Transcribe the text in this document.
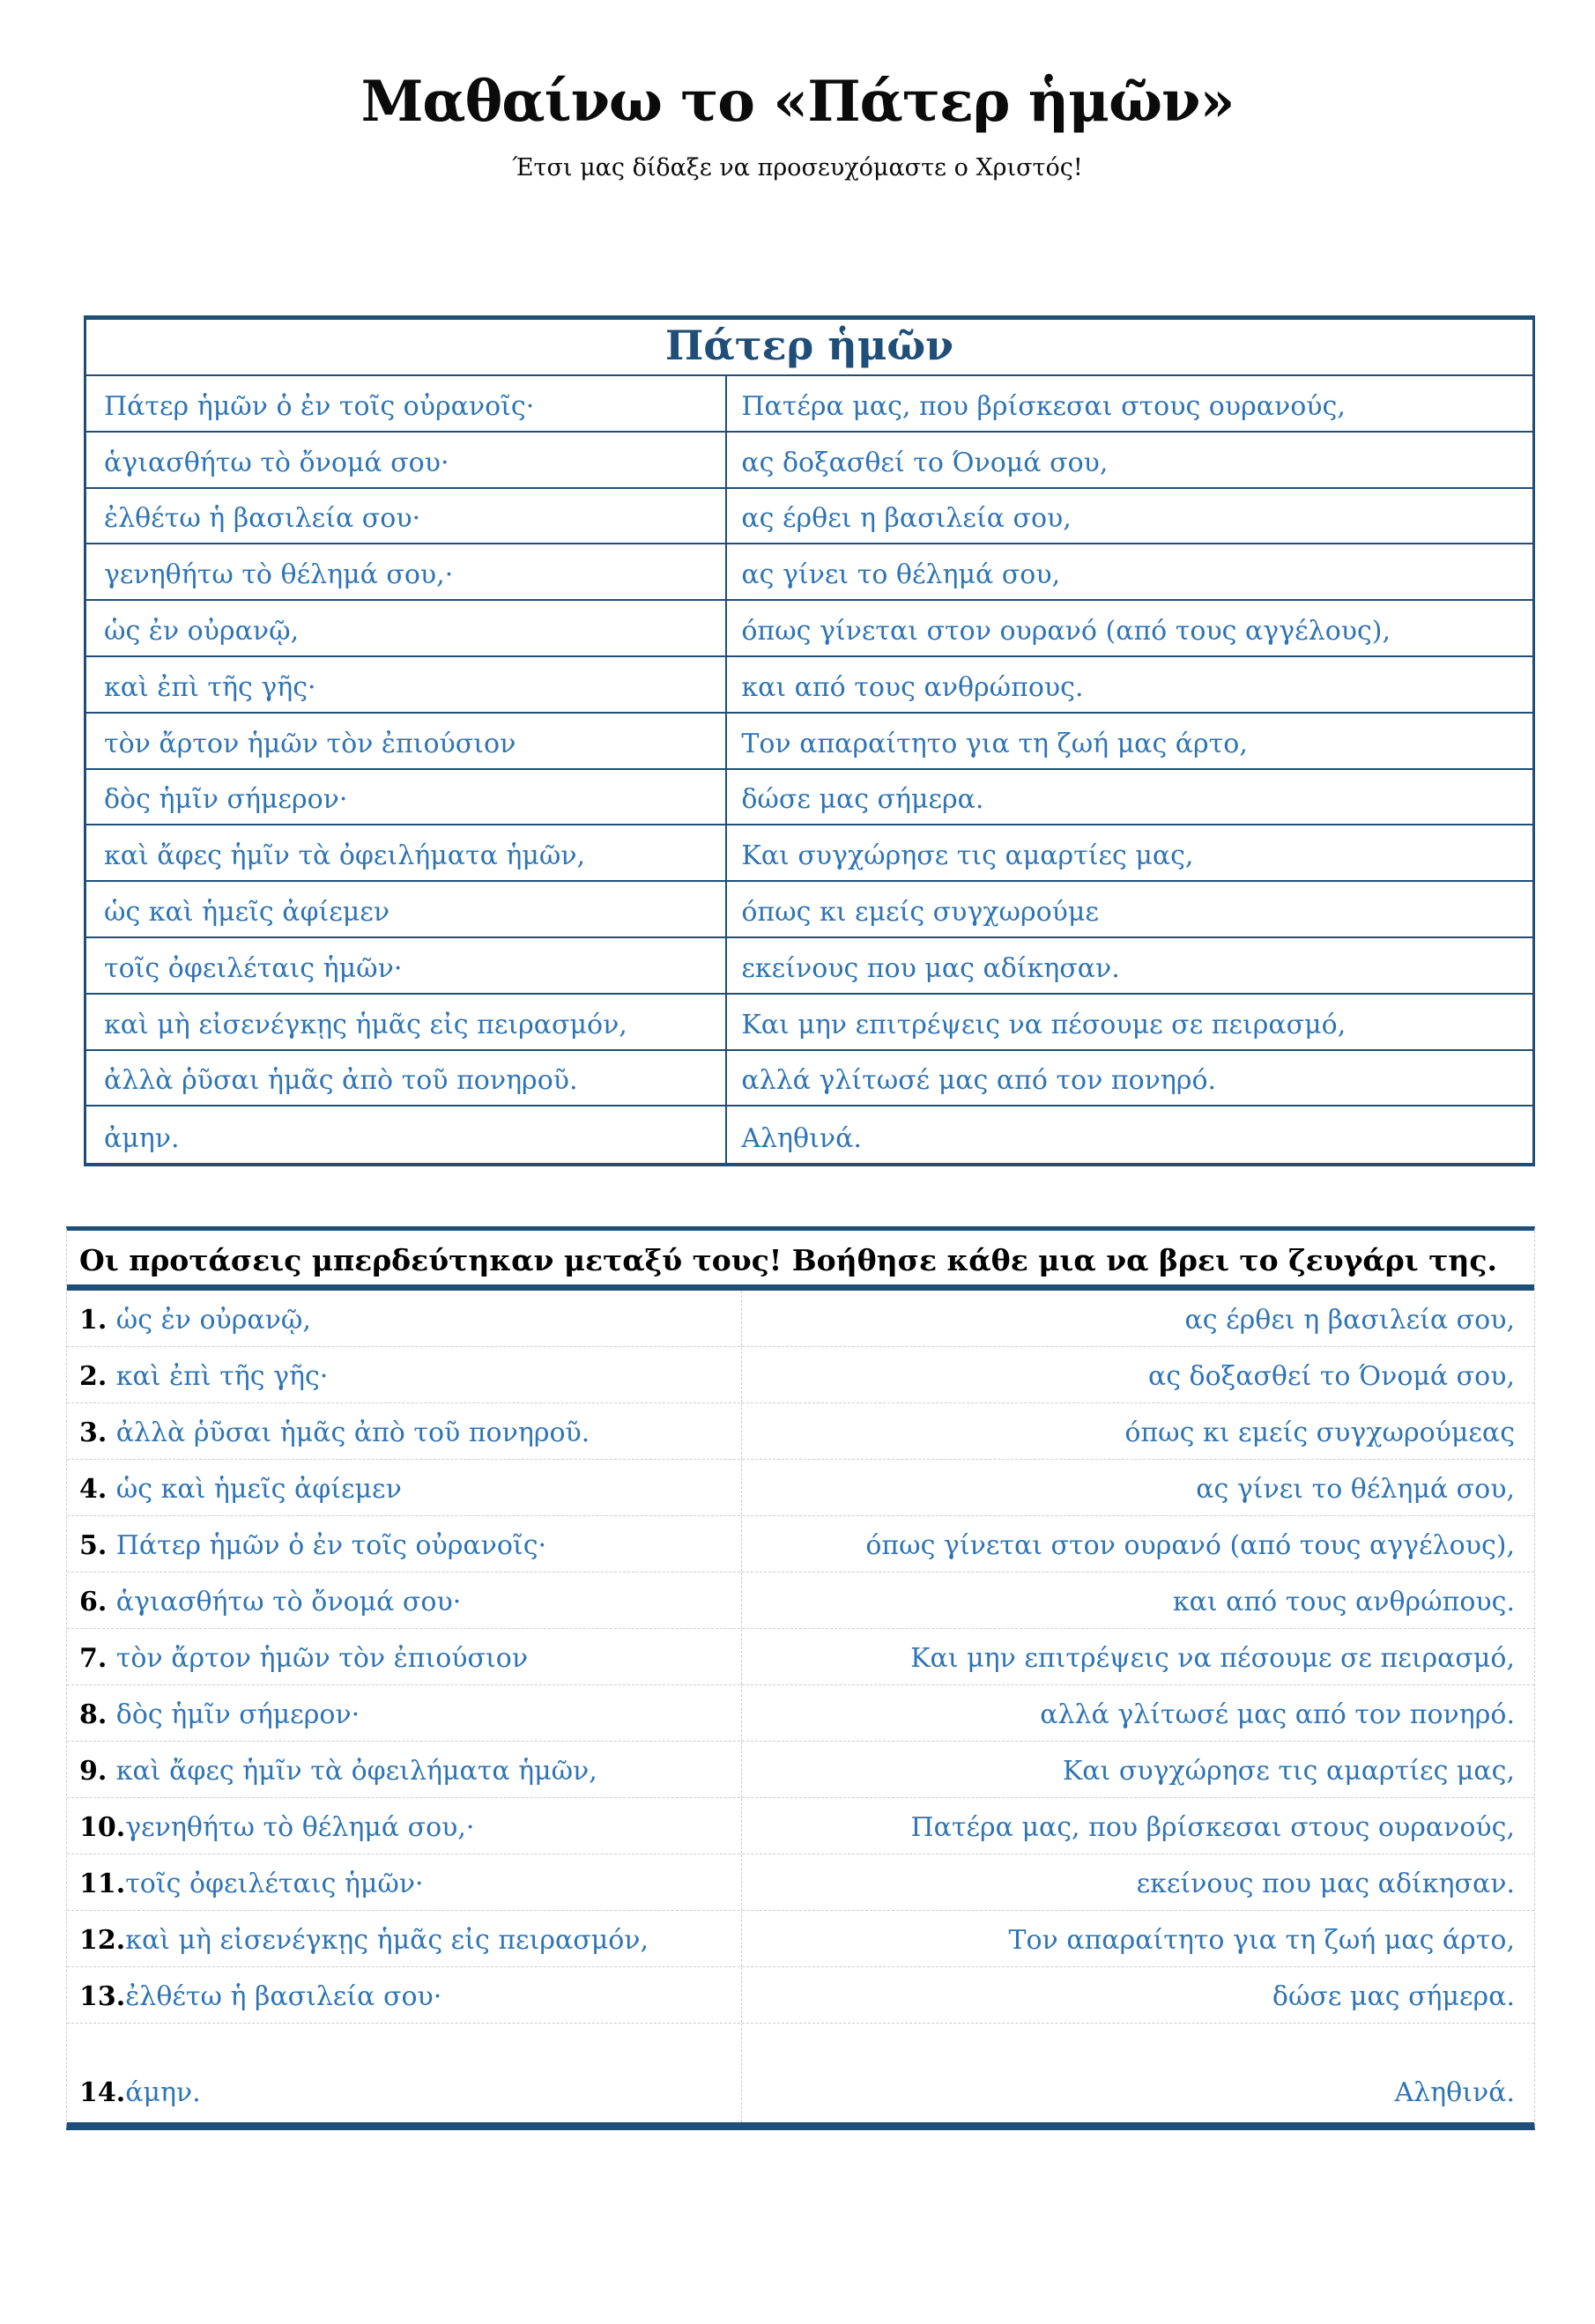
Μαθαίνω το «Πάτερ ἡμῶν»
Έτσι μας δίδαξε να προσευχόμαστε ο Χριστός!
Πάτερ ἡμῶν
Πάτερ ἡμῶν ὁ ἐν τοῖς οὐρανοῖς·	Πατέρα μας, που βρίσκεσαι στους ουρανούς,
ἁγιασθήτω τὸ ὄνομά σου·	ας δοξασθεί το Όνομά σου,
ἐλθέτω ἡ βασιλεία σου·	ας έρθει η βασιλεία σου,
γενηθήτω τὸ θέλημά σου,·	ας γίνει το θέλημά σου,
ὡς ἐν οὐρανῷ,	όπως γίνεται στον ουρανό (από τους αγγέλους),
καὶ ἐπὶ τῆς γῆς·	και από τους ανθρώπους.
τὸν ἄρτον ἡμῶν τὸν ἐπιούσιον	Τον απαραίτητο για τη ζωή μας άρτο,
δὸς ἡμῖν σήμερον·	δώσε μας σήμερα.
καὶ ἄφες ἡμῖν τὰ ὀφειλήματα ἡμῶν,	Και συγχώρησε τις αμαρτίες μας,
ὡς καὶ ἡμεῖς ἀφίεμεν	όπως κι εμείς συγχωρούμε
τοῖς ὀφειλέταις ἡμῶν·	εκείνους που μας αδίκησαν.
καὶ μὴ εἰσενέγκῃς ἡμᾶς εἰς πειρασμόν,	Και μην επιτρέψεις να πέσουμε σε πειρασμό,
ἀλλὰ ῥῦσαι ἡμᾶς ἀπὸ τοῦ πονηροῦ.	αλλά γλίτωσέ μας από τον πονηρό.
ἀμην.	Αληθινά.
Οι προτάσεις μπερδεύτηκαν μεταξύ τους! Βοήθησε κάθε μια να βρει το ζευγάρι της.
1. ὡς ἐν οὐρανῷ,	ας έρθει η βασιλεία σου,
2. καὶ ἐπὶ τῆς γῆς·	ας δοξασθεί το Όνομά σου,
3. ἀλλὰ ῥῦσαι ἡμᾶς ἀπὸ τοῦ πονηροῦ.	όπως κι εμείς συγχωρούμεας
4. ὡς καὶ ἡμεῖς ἀφίεμεν	ας γίνει το θέλημά σου,
5. Πάτερ ἡμῶν ὁ ἐν τοῖς οὐρανοῖς·	όπως γίνεται στον ουρανό (από τους αγγέλους),
6. ἁγιασθήτω τὸ ὄνομά σου·	και από τους ανθρώπους.
7. τὸν ἄρτον ἡμῶν τὸν ἐπιούσιον	Και μην επιτρέψεις να πέσουμε σε πειρασμό,
8. δὸς ἡμῖν σήμερον·	αλλά γλίτωσέ μας από τον πονηρό.
9. καὶ ἄφες ἡμῖν τὰ ὀφειλήματα ἡμῶν,	Και συγχώρησε τις αμαρτίες μας,
10. γενηθήτω τὸ θέλημά σου,·	Πατέρα μας, που βρίσκεσαι στους ουρανούς,
11. τοῖς ὀφειλέταις ἡμῶν·	εκείνους που μας αδίκησαν.
12. καὶ μὴ εἰσενέγκῃς ἡμᾶς εἰς πειρασμόν,	Τον απαραίτητο για τη ζωή μας άρτο,
13. ἐλθέτω ἡ βασιλεία σου·	δώσε μας σήμερα.
14. άμην.	Αληθινά.
